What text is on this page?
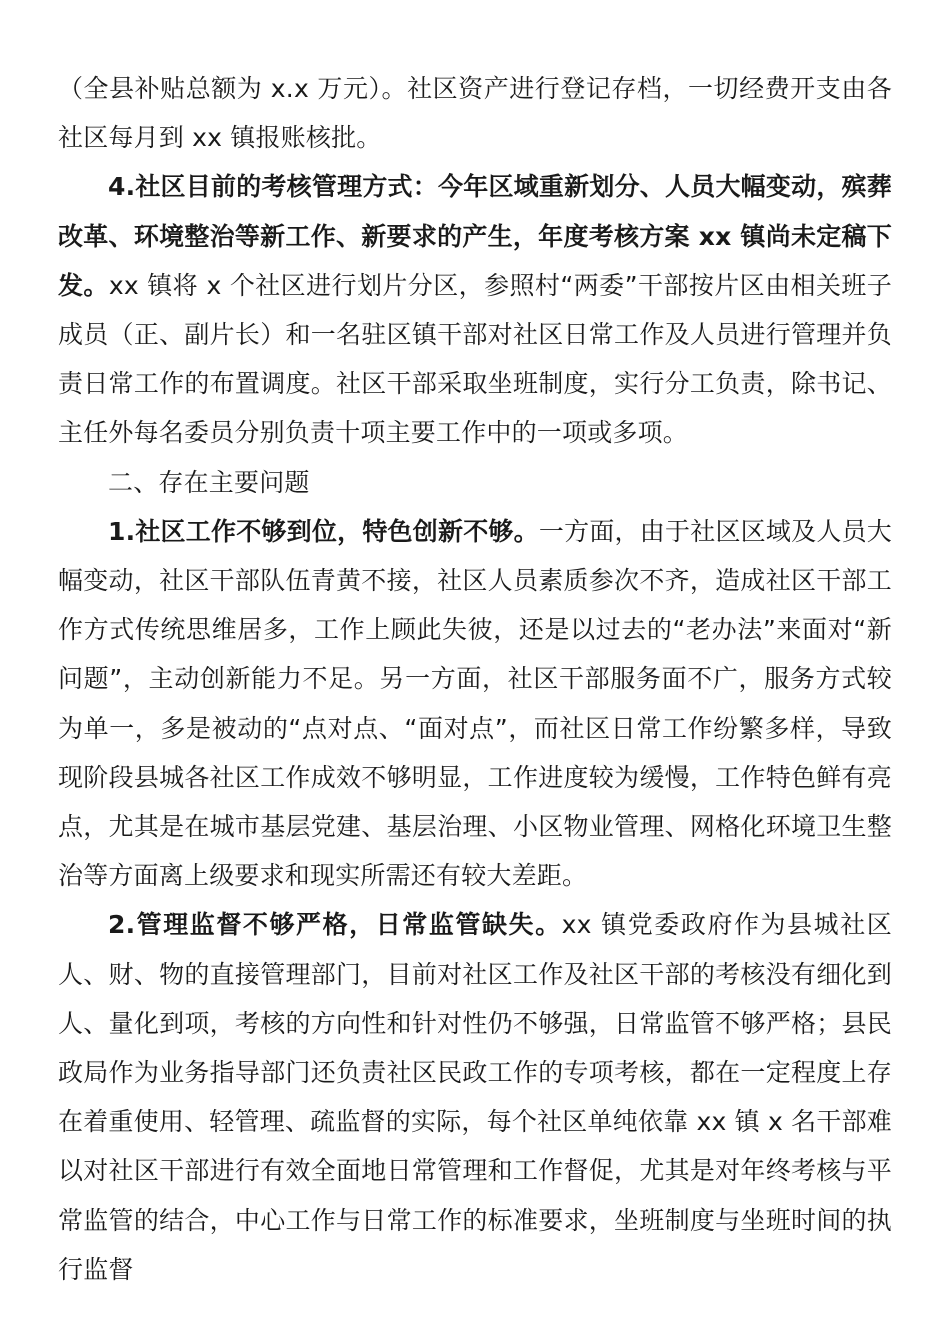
（全县补贴总额为 x.x 万元）。社区资产进行登记存档，一切经费开支由各社区每月到 xx 镇报账核批。

4.社区目前的考核管理方式：今年区域重新划分、人员大幅变动，殡葬改革、环境整治等新工作、新要求的产生，年度考核方案 xx 镇尚未定稿下发。xx 镇将 x 个社区进行划片分区，参照村“两委”干部按片区由相关班子成员（正、副片长）和一名驻区镇干部对社区日常工作及人员进行管理并负责日常工作的布置调度。社区干部采取坐班制度，实行分工负责，除书记、主任外每名委员分别负责十项主要工作中的一项或多项。

二、存在主要问题

1.社区工作不够到位，特色创新不够。一方面，由于社区区域及人员大幅变动，社区干部队伍青黄不接，社区人员素质参次不齐，造成社区干部工作方式传统思维居多，工作上顾此失彼，还是以过去的“老办法”来面对“新问题”，主动创新能力不足。另一方面，社区干部服务面不广，服务方式较为单一，多是被动的“点对点、“面对点”，而社区日常工作纷繁多样，导致现阶段县城各社区工作成效不够明显，工作进度较为缓慢，工作特色鲜有亮点，尤其是在城市基层党建、基层治理、小区物业管理、网格化环境卫生整治等方面离上级要求和现实所需还有较大差距。

2.管理监督不够严格，日常监管缺失。xx 镇党委政府作为县城社区人、财、物的直接管理部门，目前对社区工作及社区干部的考核没有细化到人、量化到项，考核的方向性和针对性仍不够强，日常监管不够严格；县民政局作为业务指导部门还负责社区民政工作的专项考核，都在一定程度上存在着重使用、轻管理、疏监督的实际，每个社区单纯依靠 xx 镇 x 名干部难以对社区干部进行有效全面地日常管理和工作督促，尤其是对年终考核与平常监管的结合，中心工作与日常工作的标准要求，坐班制度与坐班时间的执行监督
